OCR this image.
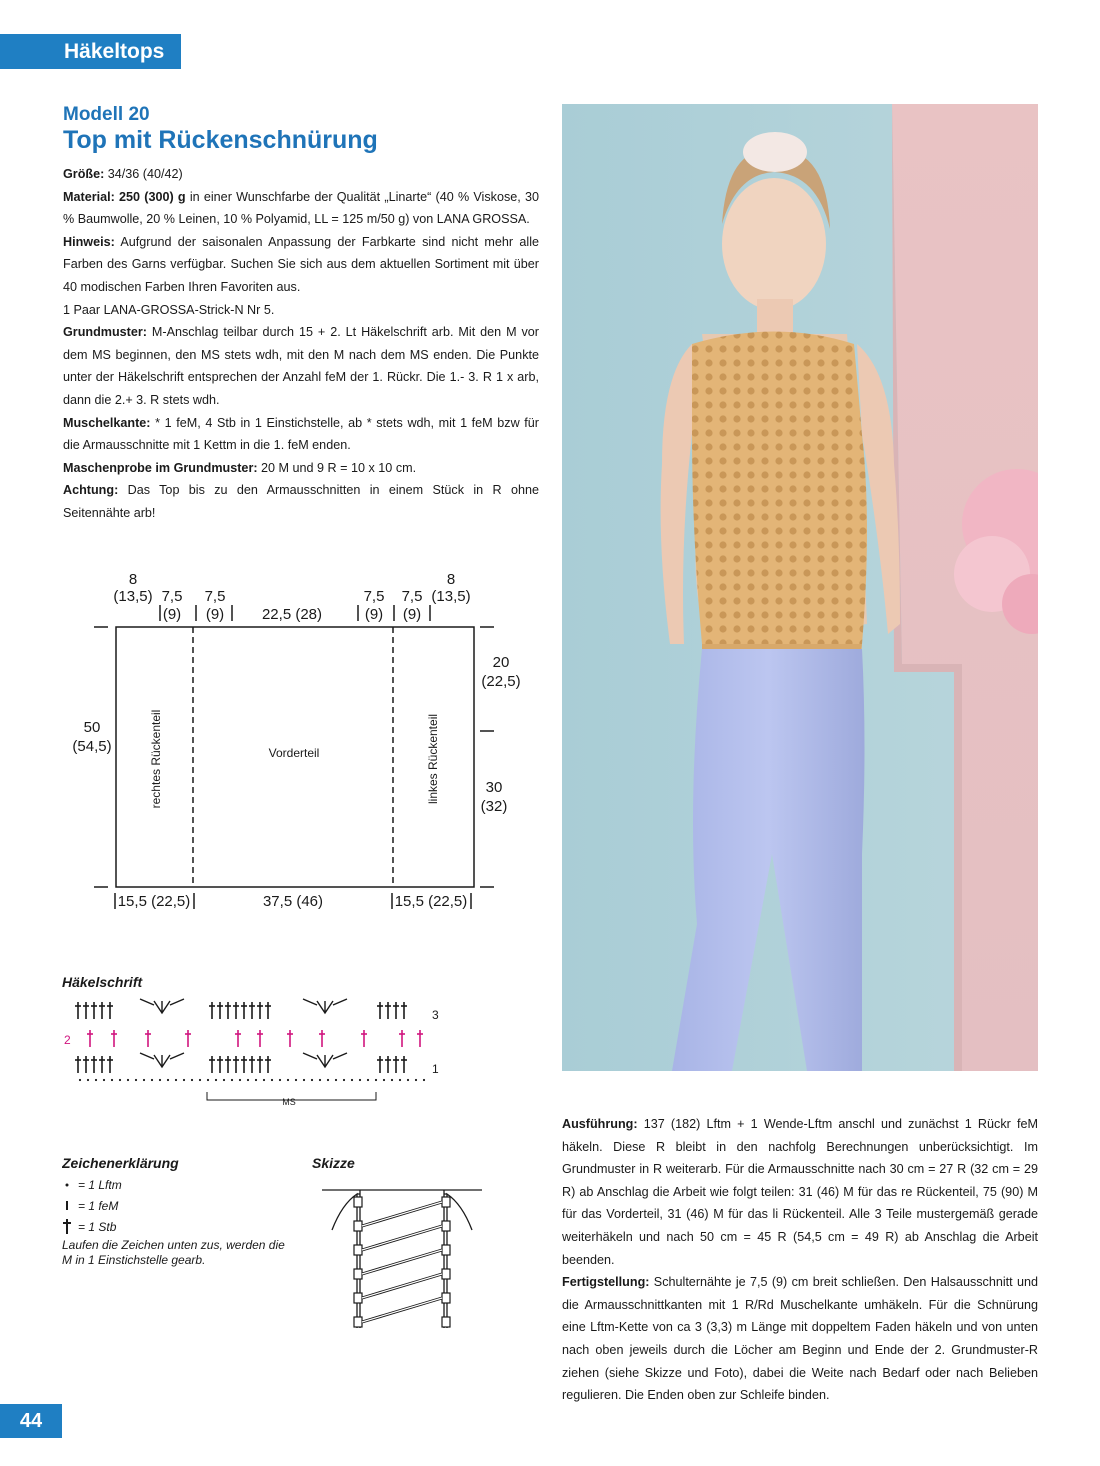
Häkeltops
Modell 20
Top mit Rückenschnürung

Größe: 34/36 (40/42)

Material: 250 (300) g in einer Wunschfarbe der Qualität „Linarte“ (40 % Viskose, 30 % Baumwolle, 20 % Leinen, 10 % Polyamid, LL = 125 m/50 g) von LANA GROSSA.

Hinweis: Aufgrund der saisonalen Anpassung der Farbkarte sind nicht mehr alle Farben des Garns verfügbar. Suchen Sie sich aus dem aktuellen Sortiment mit über 40 modischen Farben Ihren Favoriten aus.

1 Paar LANA-GROSSA-Strick-N Nr 5.

Grundmuster: M-Anschlag teilbar durch 15 + 2. Lt Häkelschrift arb. Mit den M vor dem MS beginnen, den MS stets wdh, mit den M nach dem MS enden. Die Punkte unter der Häkelschrift entsprechen der Anzahl feM der 1. Rückr. Die 1.- 3. R 1 x arb, dann die 2.+ 3. R stets wdh.

Muschelkante: * 1 feM, 4 Stb in 1 Einstichstelle, ab * stets wdh, mit 1 feM bzw für die Armausschnitte mit 1 Kettm in die 1. feM enden.

Maschenprobe im Grundmuster: 20 M und 9 R = 10 x 10 cm.

Achtung: Das Top bis zu den Armausschnitten in einem Stück in R ohne Seitennähte arb!

8
(13,5) 7,5
(9)
7,5
(9)	22,5 (28)
7,5
(9)
7,5
(9)
8
(13,5)
20
(22,5)
30
(32)
50
(54,5)
15,5 (22,5)	37,5 (46)	15,5 (22,5)
rechtes Rückenteil	Vorderteil	linkes Rückenteil
Häkelschrift
3
2
1
MS
Zeichenerklärung
= 1 Lftm
= 1 feM
= 1 Stb
Laufen die Zeichen unten zus, werden die M in 1 Einstichstelle gearb.
Skizze

Ausführung: 137 (182) Lftm + 1 Wende-Lftm anschl und zunächst 1 Rückr feM häkeln. Diese R bleibt in den nachfolg Berechnungen unberücksichtigt. Im Grundmuster in R weiterarb. Für die Armausschnitte nach 30 cm = 27 R (32 cm = 29 R) ab Anschlag die Arbeit wie folgt teilen: 31 (46) M für das re Rückenteil, 75 (90) M für das Vorderteil, 31 (46) M für das li Rückenteil. Alle 3 Teile mustergemäß gerade weiterhäkeln und nach 50 cm = 45 R (54,5 cm = 49 R) ab Anschlag die Arbeit beenden.

Fertigstellung: Schulternähte je 7,5 (9) cm breit schließen. Den Halsausschnitt und die Armausschnittkanten mit 1 R/Rd Muschelkante umhäkeln. Für die Schnürung eine Lftm-Kette von ca 3 (3,3) m Länge mit doppeltem Faden häkeln und von unten nach oben jeweils durch die Löcher am Beginn und Ende der 2. Grundmuster-R ziehen (siehe Skizze und Foto), dabei die Weite nach Bedarf oder nach Belieben regulieren. Die Enden oben zur Schleife binden.

44
